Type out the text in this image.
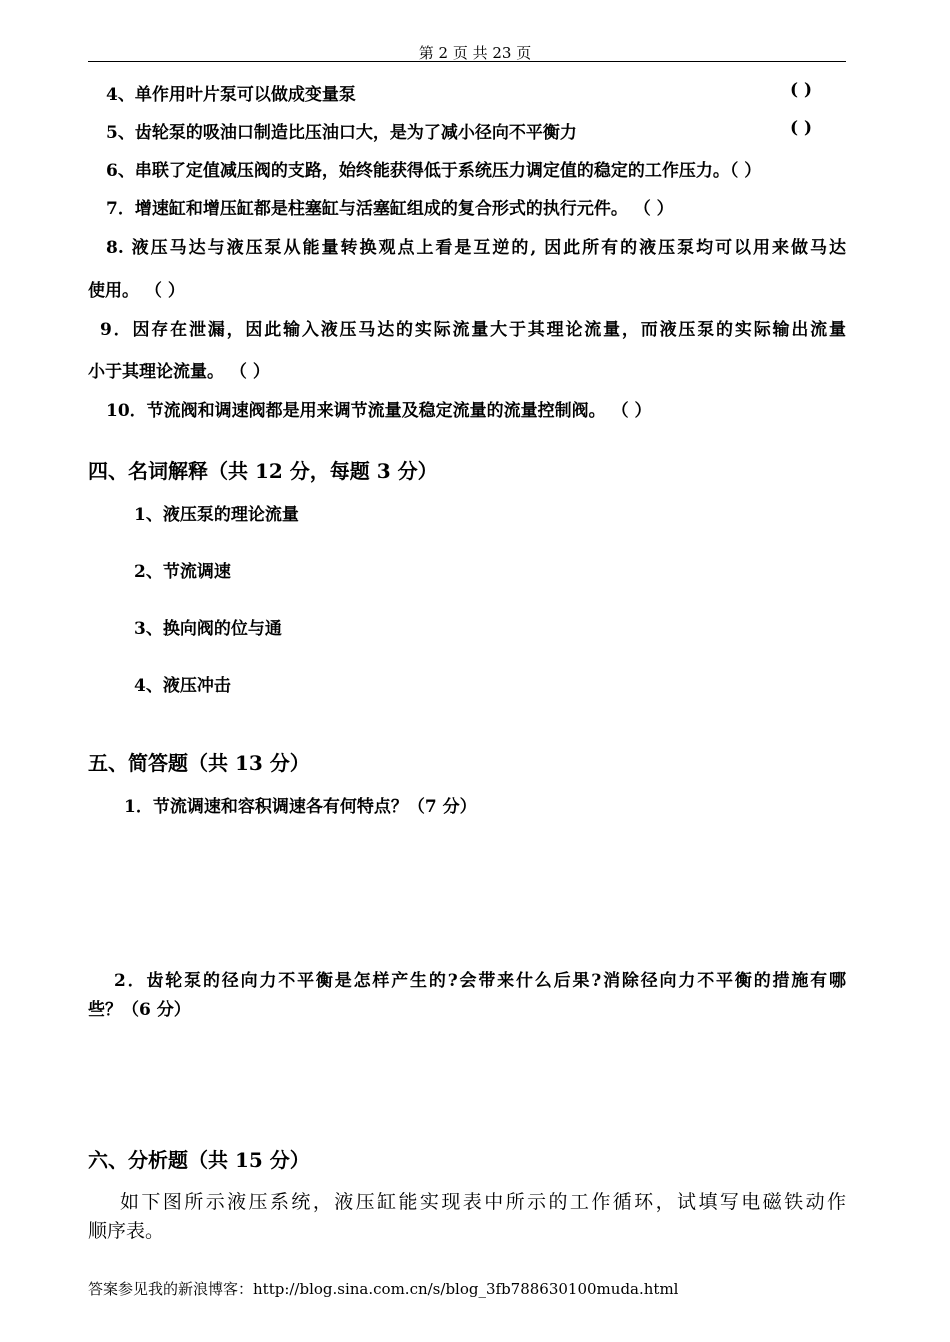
第 2 页 共 23 页
4、单作用叶片泵可以做成变量泵	( )
5、齿轮泵的吸油口制造比压油口大，是为了减小径向不平衡力	( )
6、串联了定值减压阀的支路，始终能获得低于系统压力调定值的稳定的工作压力。（ ）
7．增速缸和增压缸都是柱塞缸与活塞缸组成的复合形式的执行元件。 （ ）
8. 液压马达与液压泵从能量转换观点上看是互逆的, 因此所有的液压泵均可以用来做马达
使用。 （ ）
9．因存在泄漏，因此输入液压马达的实际流量大于其理论流量，而液压泵的实际输出流量
小于其理论流量。 （ ）
10．节流阀和调速阀都是用来调节流量及稳定流量的流量控制阀。 （ ）
四、名词解释（共 12 分，每题 3 分）
1、液压泵的理论流量
2、节流调速
3、换向阀的位与通
4、液压冲击
五、简答题（共 13 分）
1．节流调速和容积调速各有何特点？（7 分）
2．齿轮泵的径向力不平衡是怎样产生的?会带来什么后果?消除径向力不平衡的措施有哪
些？（6 分）
六、分析题（共 15 分）
如下图所示液压系统，液压缸能实现表中所示的工作循环，试填写电磁铁动作
顺序表。
答案参见我的新浪博客：http://blog.sina.com.cn/s/blog_3fb788630100muda.html
